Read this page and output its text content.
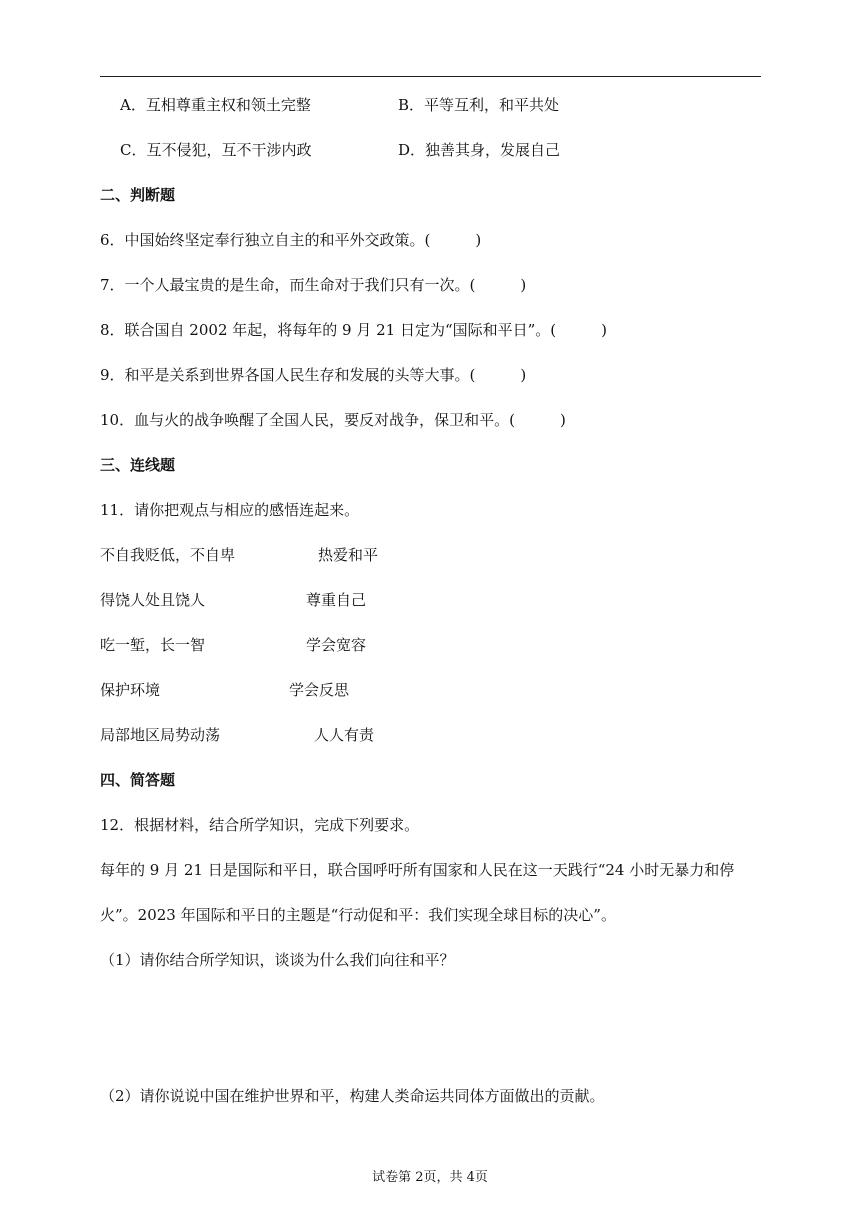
A．互相尊重主权和领土完整	B．平等互利，和平共处
C．互不侵犯，互不干涉内政	D．独善其身，发展自己
二、判断题
6．中国始终坚定奉行独立自主的和平外交政策。(　　　)
7．一个人最宝贵的是生命，而生命对于我们只有一次。(　　　)
8．联合国自 2002 年起，将每年的 9 月 21 日定为“国际和平日”。(　　　)
9．和平是关系到世界各国人民生存和发展的头等大事。(　　　)
10．血与火的战争唤醒了全国人民，要反对战争，保卫和平。(　　　)
三、连线题
11．请你把观点与相应的感悟连起来。
不自我贬低，不自卑	热爱和平
得饶人处且饶人	尊重自己
吃一堑，长一智	学会宽容
保护环境	学会反思
局部地区局势动荡	人人有责
四、简答题
12．根据材料，结合所学知识，完成下列要求。
每年的 9 月 21 日是国际和平日，联合国呼吁所有国家和人民在这一天践行“24 小时无暴力和停
火”。2023 年国际和平日的主题是“行动促和平：我们实现全球目标的决心”。
（1）请你结合所学知识，谈谈为什么我们向往和平？
（2）请你说说中国在维护世界和平，构建人类命运共同体方面做出的贡献。
试卷第 2页，共 4页
